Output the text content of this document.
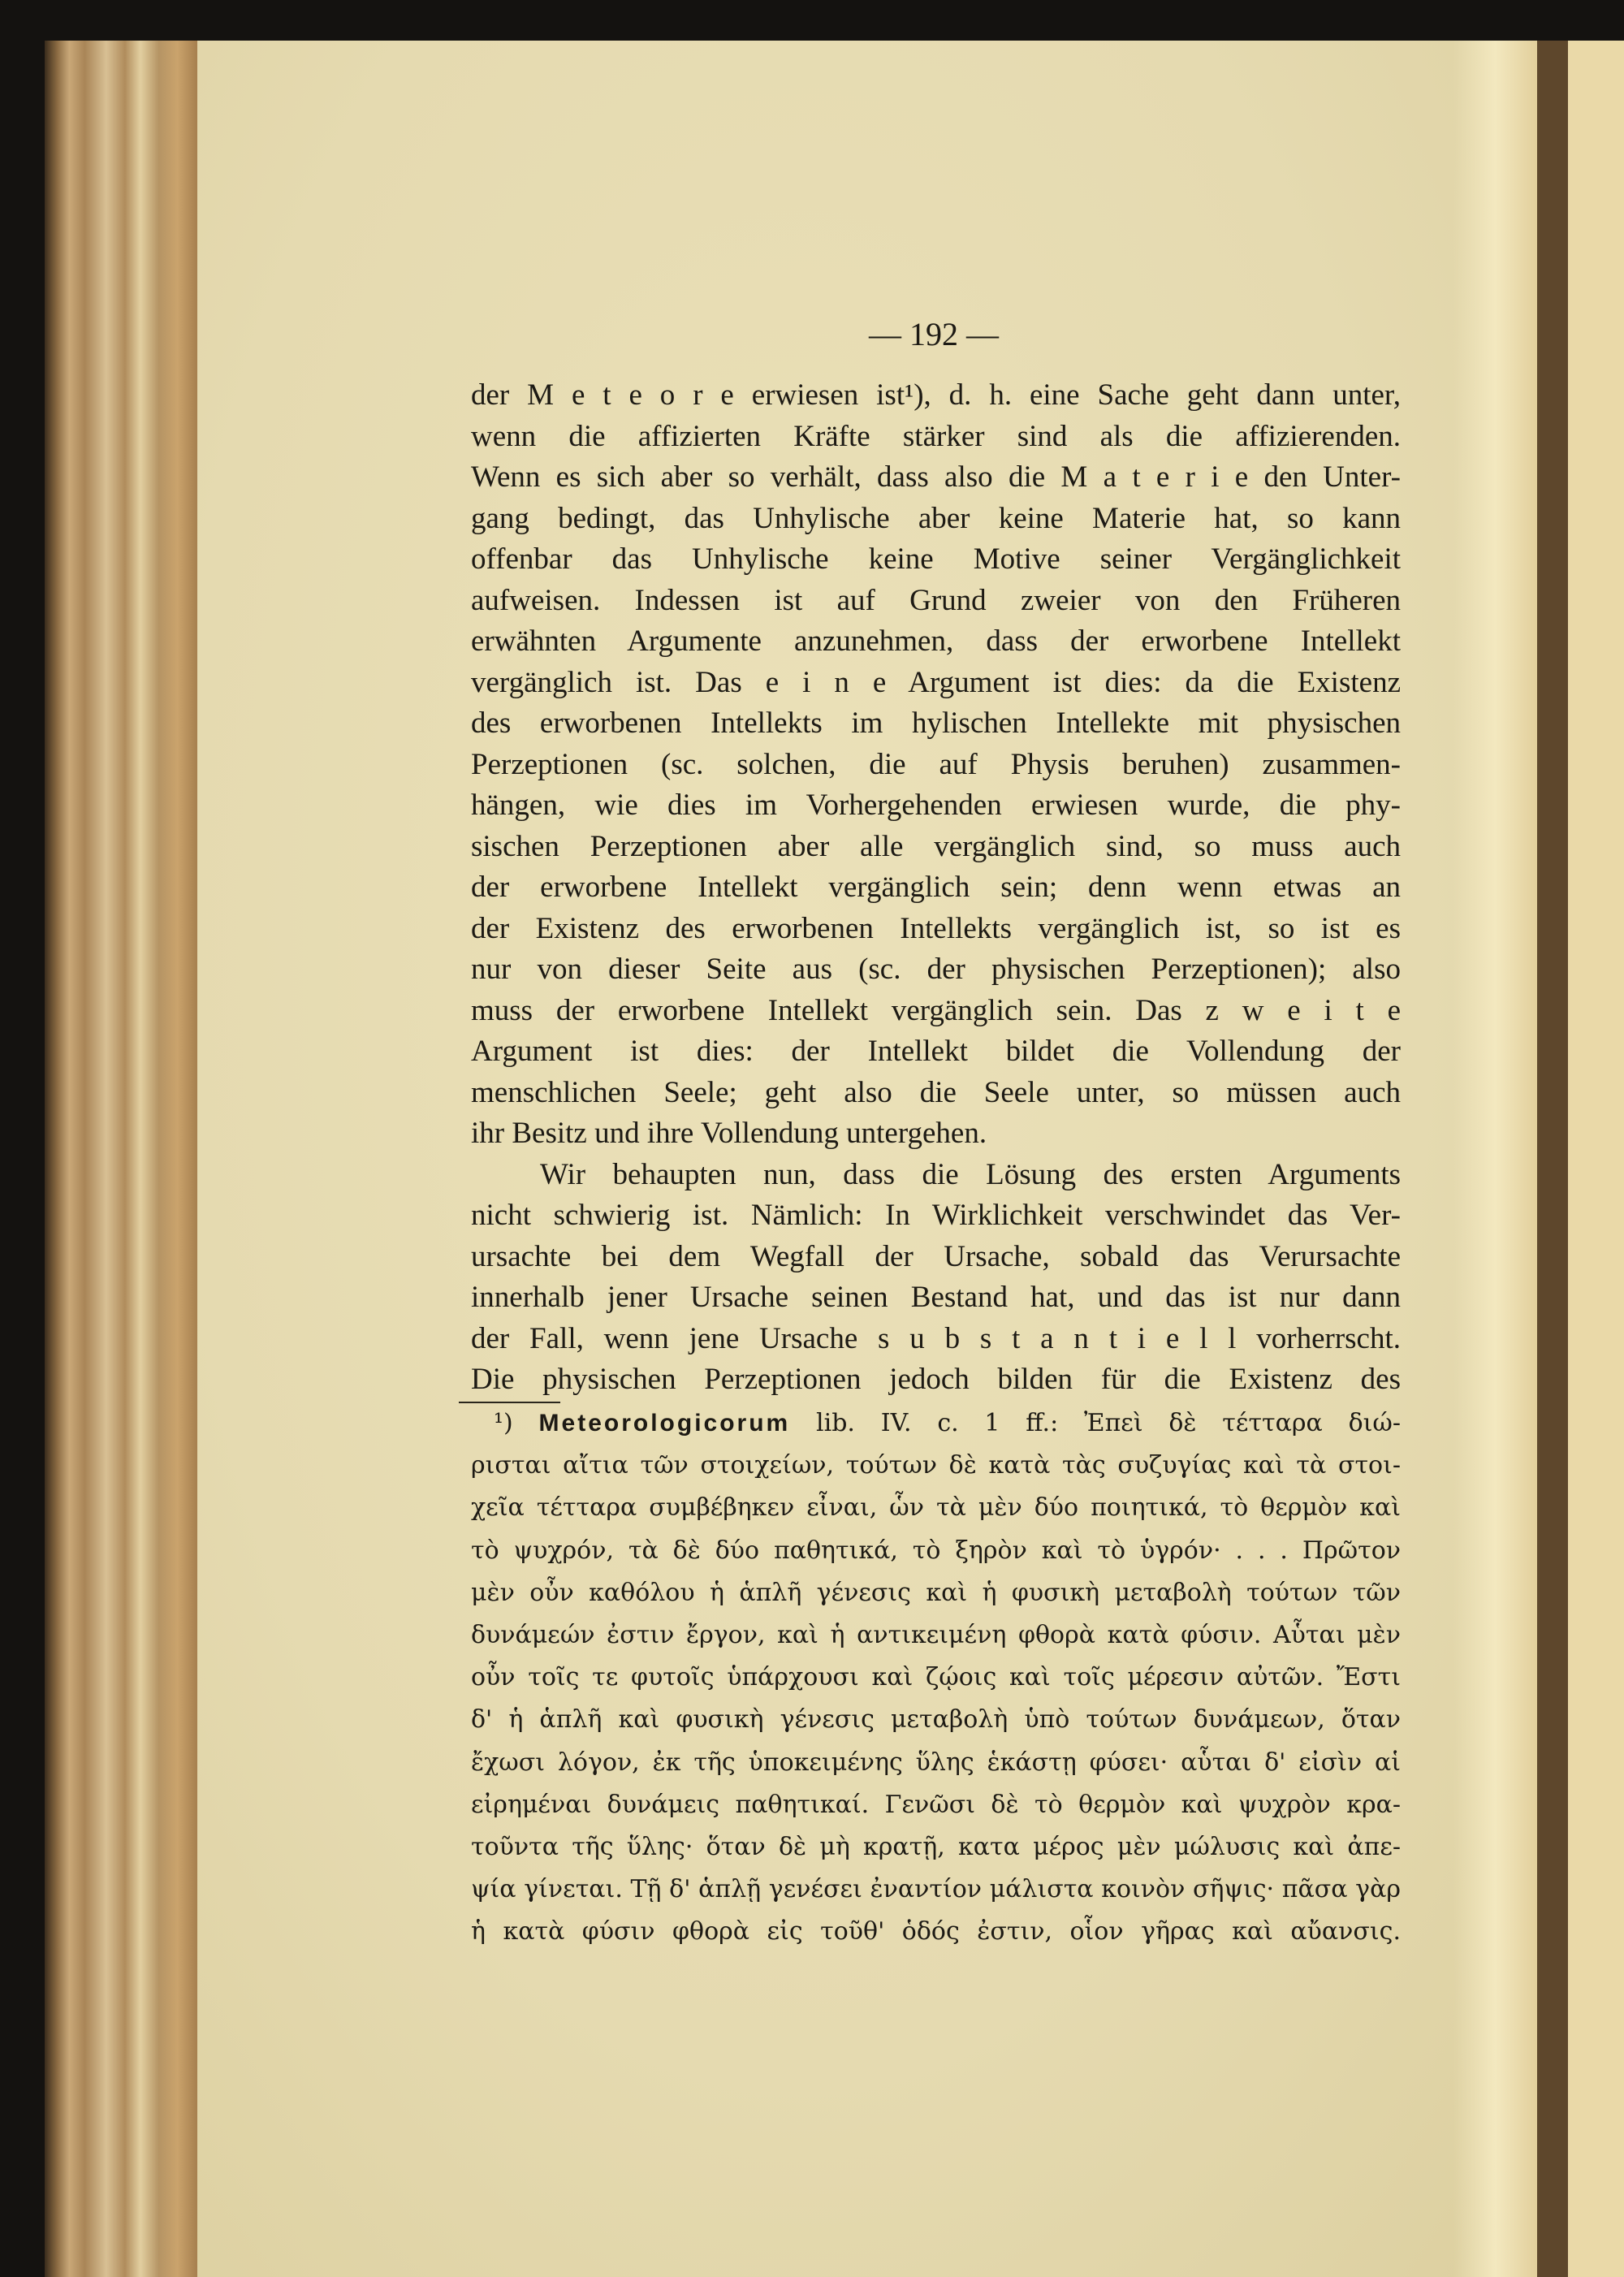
— 192 —
der M e t e o r e erwiesen ist¹), d. h. eine Sache geht dann unter,
wenn die affizierten Kräfte stärker sind als die affizierenden.
Wenn es sich aber so verhält, dass also die M a t e r i e den Unter-
gang bedingt, das Unhylische aber keine Materie hat, so kann
offenbar das Unhylische keine Motive seiner Vergänglichkeit
aufweisen. Indessen ist auf Grund zweier von den Früheren
erwähnten Argumente anzunehmen, dass der erworbene Intellekt
vergänglich ist. Das e i n e Argument ist dies: da die Existenz
des erworbenen Intellekts im hylischen Intellekte mit physischen
Perzeptionen (sc. solchen, die auf Physis beruhen) zusammen-
hängen, wie dies im Vorhergehenden erwiesen wurde, die phy-
sischen Perzeptionen aber alle vergänglich sind, so muss auch
der erworbene Intellekt vergänglich sein; denn wenn etwas an
der Existenz des erworbenen Intellekts vergänglich ist, so ist es
nur von dieser Seite aus (sc. der physischen Perzeptionen); also
muss der erworbene Intellekt vergänglich sein. Das z w e i t e
Argument ist dies: der Intellekt bildet die Vollendung der
menschlichen Seele; geht also die Seele unter, so müssen auch
ihr Besitz und ihre Vollendung untergehen.
Wir behaupten nun, dass die Lösung des ersten Arguments
nicht schwierig ist. Nämlich: In Wirklichkeit verschwindet das Ver-
ursachte bei dem Wegfall der Ursache, sobald das Verursachte
innerhalb jener Ursache seinen Bestand hat, und das ist nur dann
der Fall, wenn jene Ursache s u b s t a n t i e l l vorherrscht.
Die physischen Perzeptionen jedoch bilden für die Existenz des
¹) Meteorologicorum lib. IV. c. 1 ff.: Ἐπεὶ δὲ τέτταρα διώ-
ρισται αἴτια τῶν στοιχείων, τούτων δὲ κατὰ τὰς συζυγίας καὶ τὰ στοι-
χεῖα τέτταρα συμβέβηκεν εἶναι, ὧν τὰ μὲν δύο ποιητικά, τὸ θερμὸν καὶ
τὸ ψυχρόν, τὰ δὲ δύο παθητικά, τὸ ξηρὸν καὶ τὸ ὑγρόν· . . . Πρῶτον
μὲν οὖν καθόλου ἡ ἁπλῆ γένεσις καὶ ἡ φυσικὴ μεταβολὴ τούτων τῶν
δυνάμεών ἐστιν ἔργον, καὶ ἡ αντικειμένη φθορὰ κατὰ φύσιν. Αὗται μὲν
οὖν τοῖς τε φυτοῖς ὑπάρχουσι καὶ ζῴοις καὶ τοῖς μέρεσιν αὐτῶν. Ἔστι
δ' ἡ ἁπλῆ καὶ φυσικὴ γένεσις μεταβολὴ ὑπὸ τούτων δυνάμεων, ὅταν
ἔχωσι λόγον, ἐκ τῆς ὑποκειμένης ὕλης ἑκάστῃ φύσει· αὗται δ' εἰσὶν αἱ
εἰρημέναι δυνάμεις παθητικαί. Γενῶσι δὲ τὸ θερμὸν καὶ ψυχρὸν κρα-
τοῦντα τῆς ὕλης· ὅταν δὲ μὴ κρατῇ, κατα μέρος μὲν μώλυσις καὶ ἀπε-
ψία γίνεται. Τῇ δ' ἁπλῇ γενέσει ἐναντίον μάλιστα κοινὸν σῆψις· πᾶσα γὰρ
ἡ κατὰ φύσιν φθορὰ εἰς τοῦθ' ὁδός ἐστιν, οἷον γῆρας καὶ αὔανσις.
